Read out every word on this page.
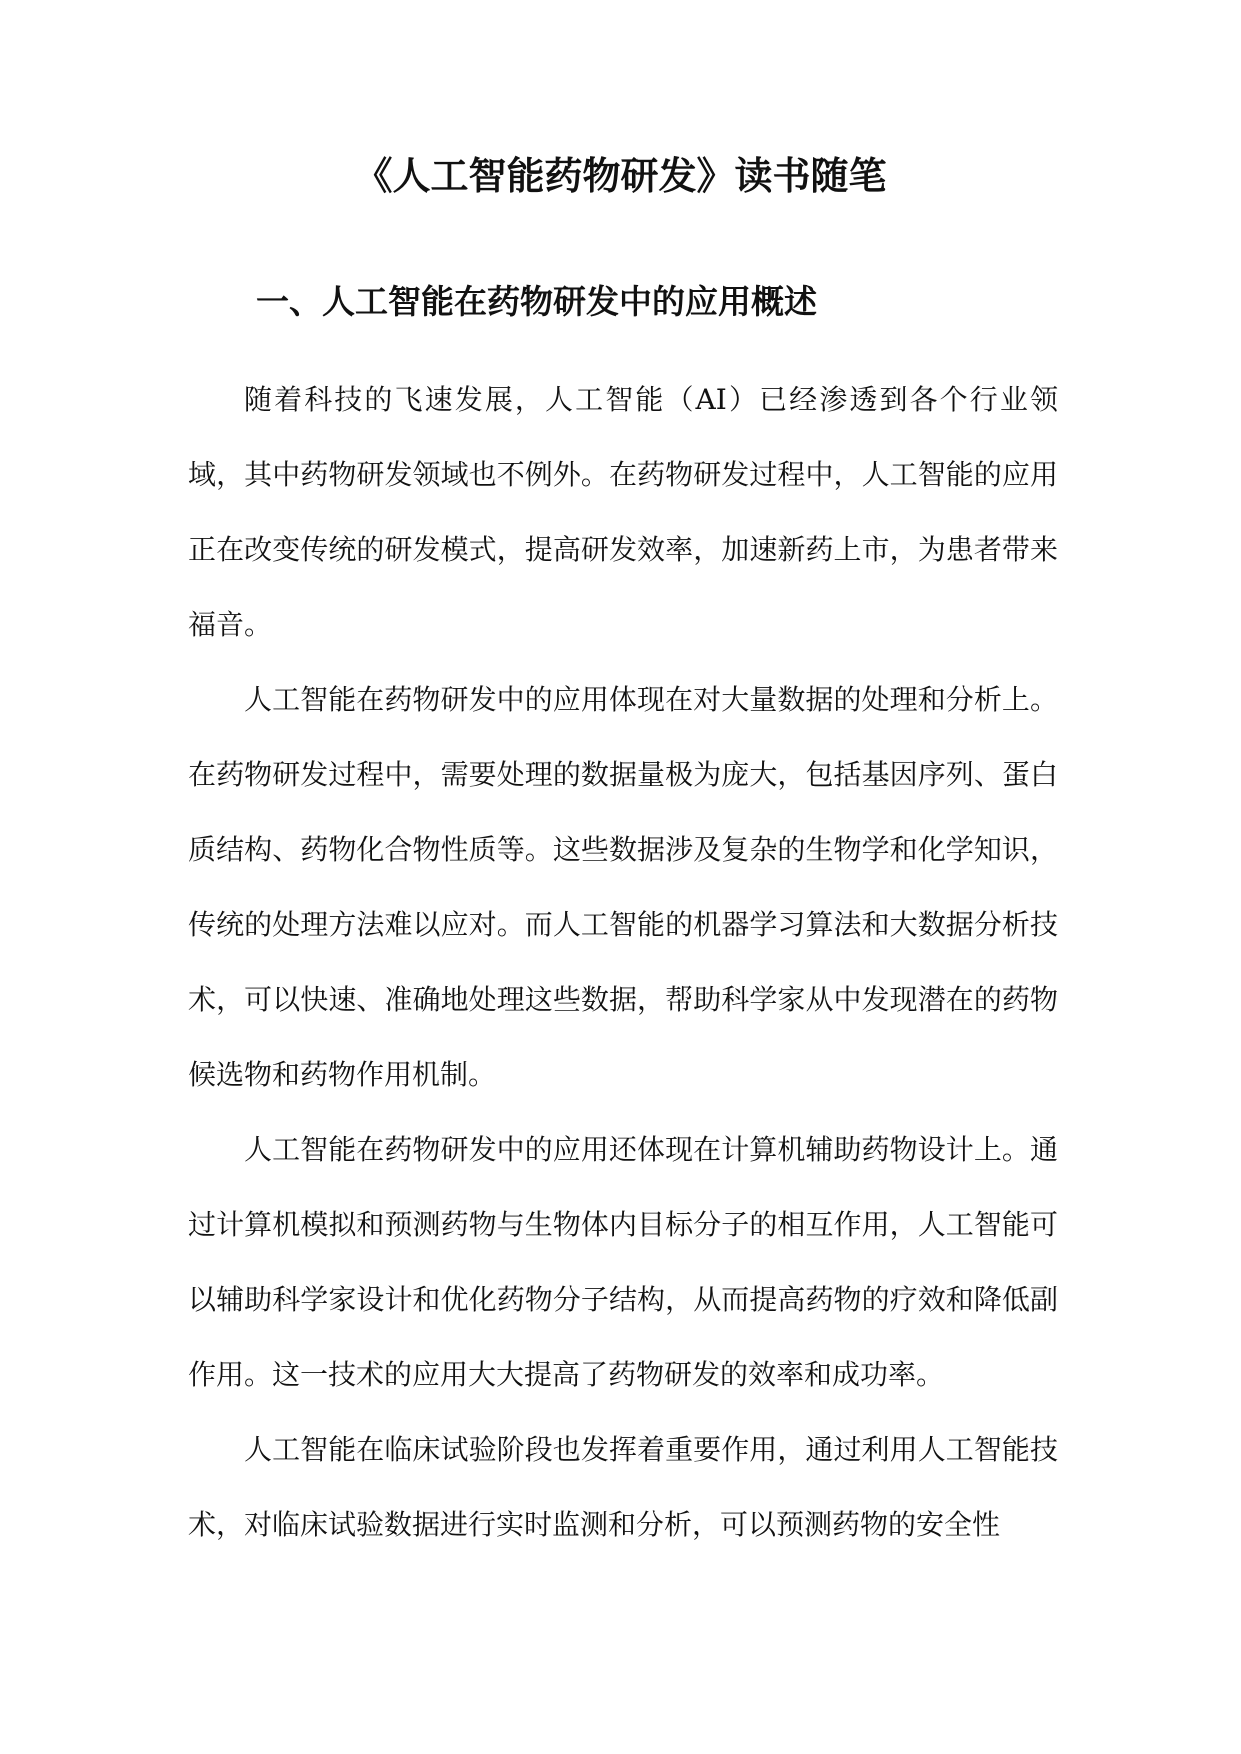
《人工智能药物研发》读书随笔
一、人工智能在药物研发中的应用概述

随着科技的飞速发展，人工智能（AI）已经渗透到各个行业领域，其中药物研发领域也不例外。在药物研发过程中，人工智能的应用正在改变传统的研发模式，提高研发效率，加速新药上市，为患者带来福音。

人工智能在药物研发中的应用体现在对大量数据的处理和分析上。在药物研发过程中，需要处理的数据量极为庞大，包括基因序列、蛋白质结构、药物化合物性质等。这些数据涉及复杂的生物学和化学知识，传统的处理方法难以应对。而人工智能的机器学习算法和大数据分析技术，可以快速、准确地处理这些数据，帮助科学家从中发现潜在的药物候选物和药物作用机制。

人工智能在药物研发中的应用还体现在计算机辅助药物设计上。通过计算机模拟和预测药物与生物体内目标分子的相互作用，人工智能可以辅助科学家设计和优化药物分子结构，从而提高药物的疗效和降低副作用。这一技术的应用大大提高了药物研发的效率和成功率。

人工智能在临床试验阶段也发挥着重要作用，通过利用人工智能技术，对临床试验数据进行实时监测和分析，可以预测药物的安全性
